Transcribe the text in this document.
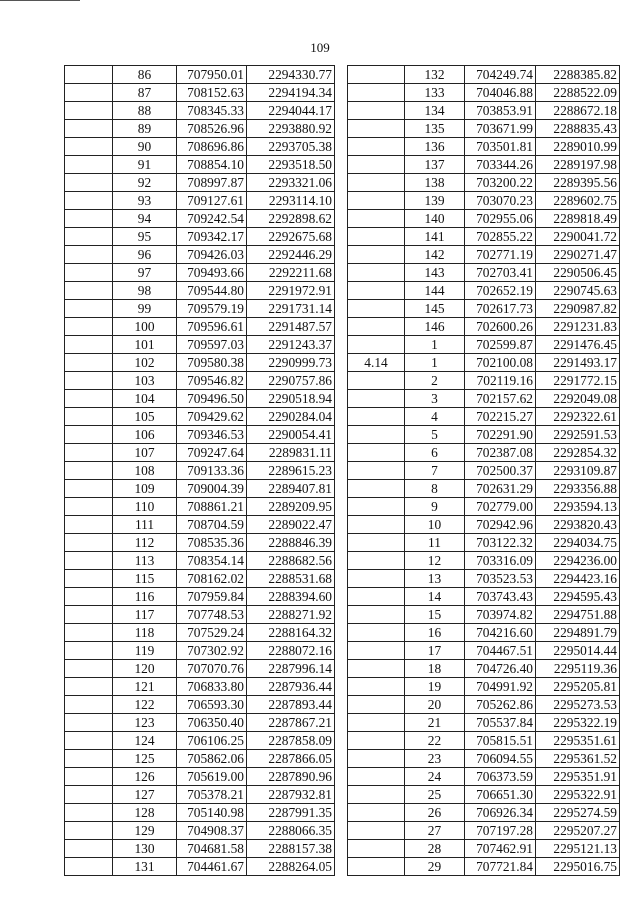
109
	86	707950.01	2294330.77
	87	708152.63	2294194.34
	88	708345.33	2294044.17
	89	708526.96	2293880.92
	90	708696.86	2293705.38
	91	708854.10	2293518.50
	92	708997.87	2293321.06
	93	709127.61	2293114.10
	94	709242.54	2292898.62
	95	709342.17	2292675.68
	96	709426.03	2292446.29
	97	709493.66	2292211.68
	98	709544.80	2291972.91
	99	709579.19	2291731.14
	100	709596.61	2291487.57
	101	709597.03	2291243.37
	102	709580.38	2290999.73
	103	709546.82	2290757.86
	104	709496.50	2290518.94
	105	709429.62	2290284.04
	106	709346.53	2290054.41
	107	709247.64	2289831.11
	108	709133.36	2289615.23
	109	709004.39	2289407.81
	110	708861.21	2289209.95
	111	708704.59	2289022.47
	112	708535.36	2288846.39
	113	708354.14	2288682.56
	115	708162.02	2288531.68
	116	707959.84	2288394.60
	117	707748.53	2288271.92
	118	707529.24	2288164.32
	119	707302.92	2288072.16
	120	707070.76	2287996.14
	121	706833.80	2287936.44
	122	706593.30	2287893.44
	123	706350.40	2287867.21
	124	706106.25	2287858.09
	125	705862.06	2287866.05
	126	705619.00	2287890.96
	127	705378.21	2287932.81
	128	705140.98	2287991.35
	129	704908.37	2288066.35
	130	704681.58	2288157.38
	131	704461.67	2288264.05
	132	704249.74	2288385.82
	133	704046.88	2288522.09
	134	703853.91	2288672.18
	135	703671.99	2288835.43
	136	703501.81	2289010.99
	137	703344.26	2289197.98
	138	703200.22	2289395.56
	139	703070.23	2289602.75
	140	702955.06	2289818.49
	141	702855.22	2290041.72
	142	702771.19	2290271.47
	143	702703.41	2290506.45
	144	702652.19	2290745.63
	145	702617.73	2290987.82
	146	702600.26	2291231.83
	1	702599.87	2291476.45
4.14	1	702100.08	2291493.17
	2	702119.16	2291772.15
	3	702157.62	2292049.08
	4	702215.27	2292322.61
	5	702291.90	2292591.53
	6	702387.08	2292854.32
	7	702500.37	2293109.87
	8	702631.29	2293356.88
	9	702779.00	2293594.13
	10	702942.96	2293820.43
	11	703122.32	2294034.75
	12	703316.09	2294236.00
	13	703523.53	2294423.16
	14	703743.43	2294595.43
	15	703974.82	2294751.88
	16	704216.60	2294891.79
	17	704467.51	2295014.44
	18	704726.40	2295119.36
	19	704991.92	2295205.81
	20	705262.86	2295273.53
	21	705537.84	2295322.19
	22	705815.51	2295351.61
	23	706094.55	2295361.52
	24	706373.59	2295351.91
	25	706651.30	2295322.91
	26	706926.34	2295274.59
	27	707197.28	2295207.27
	28	707462.91	2295121.13
	29	707721.84	2295016.75
